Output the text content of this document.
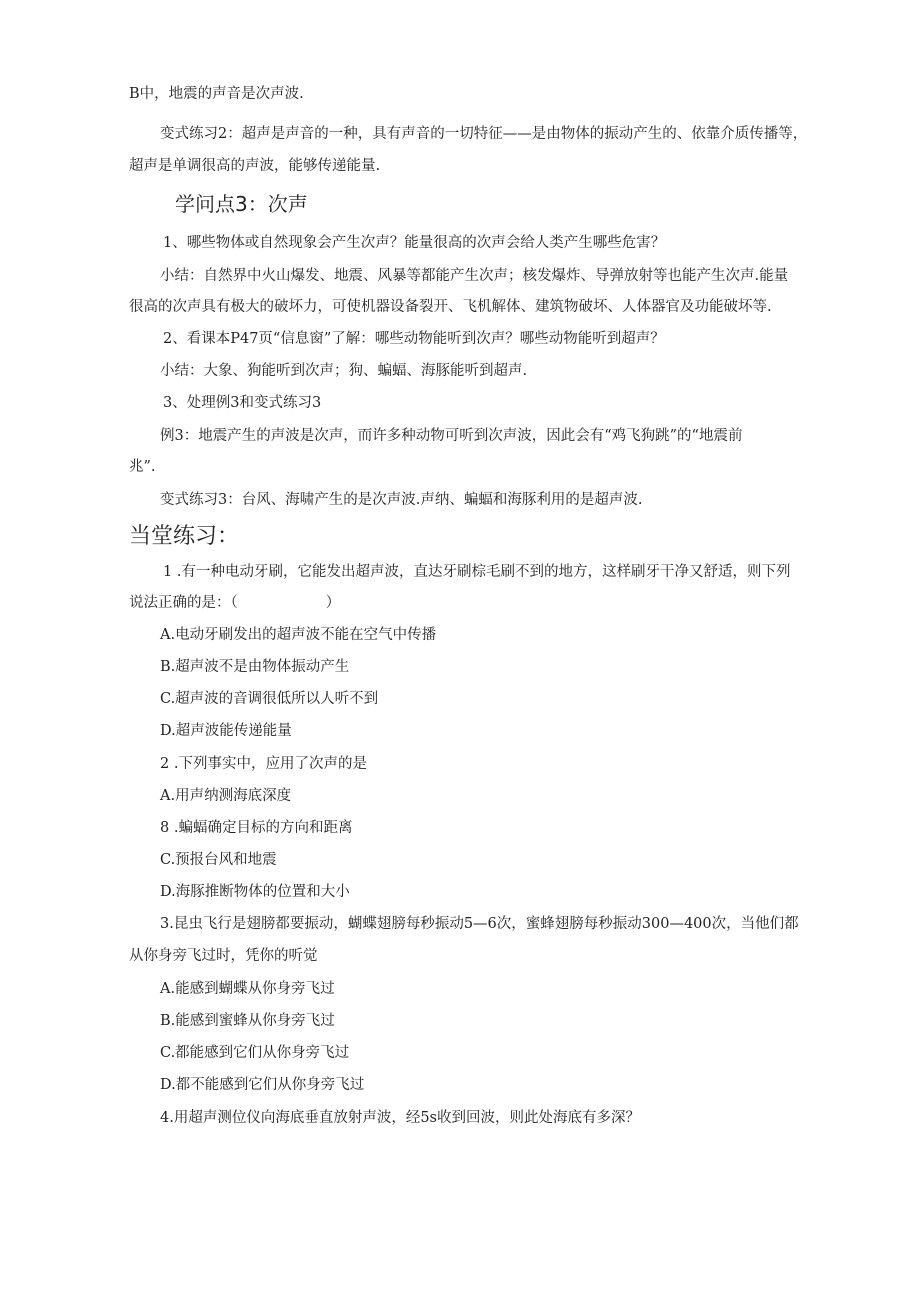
B中，地震的声音是次声波.
变式练习2：超声是声音的一种，具有声音的一切特征——是由物体的振动产生的、依靠介质传播等，
超声是单调很高的声波，能够传递能量.
学问点3：次声
1、哪些物体或自然现象会产生次声？能量很高的次声会给人类产生哪些危害？
小结：自然界中火山爆发、地震、风暴等都能产生次声；核发爆炸、导弹放射等也能产生次声.能量
很高的次声具有极大的破坏力，可使机器设备裂开、飞机解体、建筑物破坏、人体器官及功能破坏等.
2、看课本P47页“信息窗”了解：哪些动物能听到次声？哪些动物能听到超声？
小结：大象、狗能听到次声；狗、蝙蝠、海豚能听到超声.
3、处理例3和变式练习3
例3：地震产生的声波是次声，而许多种动物可听到次声波，因此会有“鸡飞狗跳”的“地震前
兆”.
变式练习3：台风、海啸产生的是次声波.声纳、蝙蝠和海豚利用的是超声波.
当堂练习：
1 .有一种电动牙刷，它能发出超声波，直达牙刷棕毛刷不到的地方，这样刷牙干净又舒适，则下列
说法正确的是：（	）
A.电动牙刷发出的超声波不能在空气中传播
B.超声波不是由物体振动产生
C.超声波的音调很低所以人听不到
D.超声波能传递能量
2 .下列事实中，应用了次声的是
A.用声纳测海底深度
8 .蝙蝠确定目标的方向和距离
C.预报台风和地震
D.海豚推断物体的位置和大小
3.昆虫飞行是翅膀都要振动，蝴蝶翅膀每秒振动5—6次，蜜蜂翅膀每秒振动300—400次，当他们都
从你身旁飞过时，凭你的听觉
A.能感到蝴蝶从你身旁飞过
B.能感到蜜蜂从你身旁飞过
C.都能感到它们从你身旁飞过
D.都不能感到它们从你身旁飞过
4.用超声测位仪向海底垂直放射声波，经5s收到回波，则此处海底有多深？
